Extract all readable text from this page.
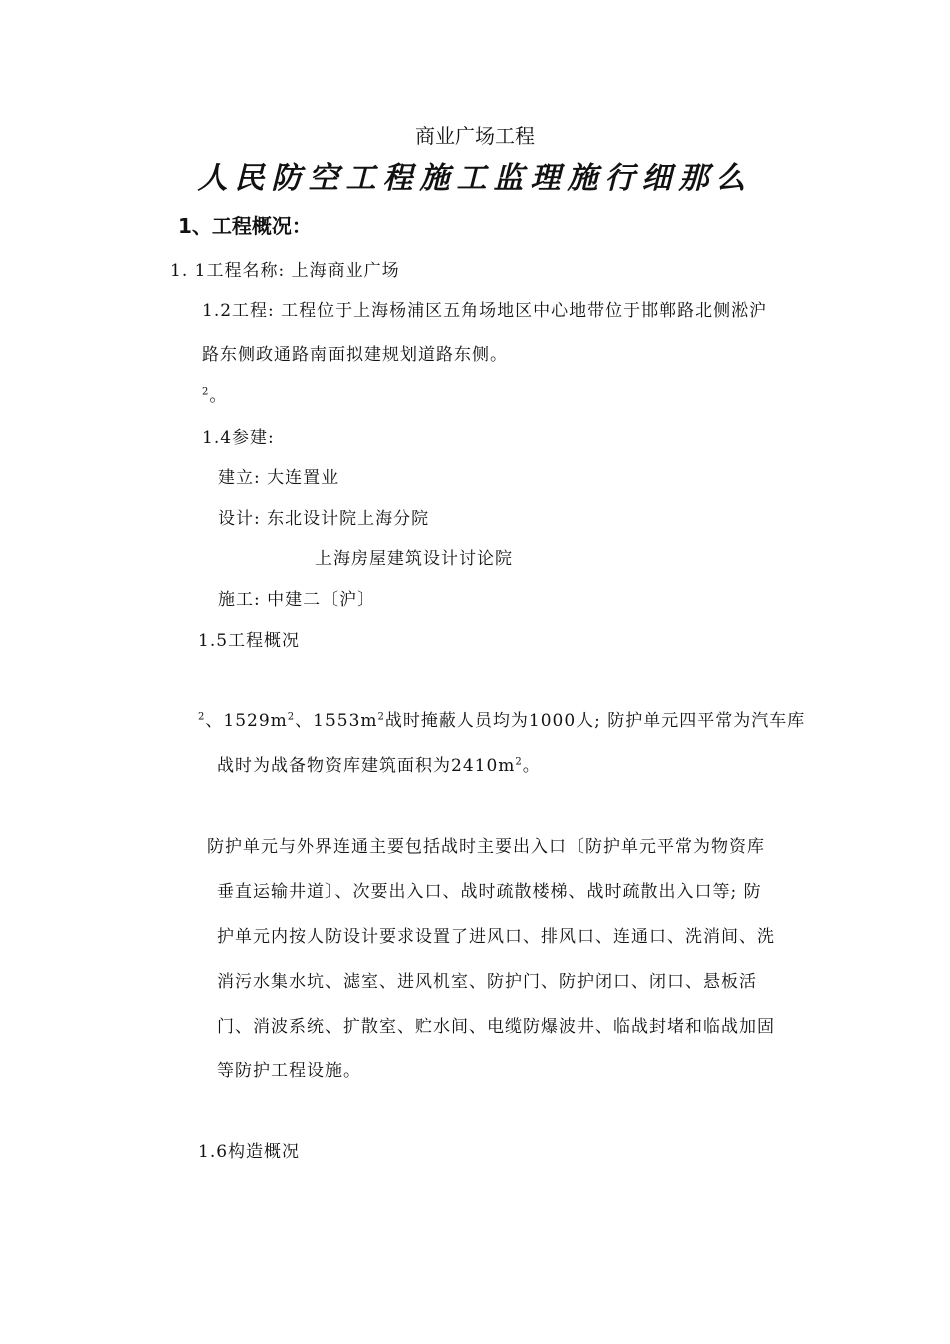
商业广场工程
人民防空工程施工监理施行细那么
1、工程概况：
1. 1工程名称: 上海商业广场
1.2工程: 工程位于上海杨浦区五角场地区中心地带位于邯郸路北侧淞沪
路东侧政通路南面拟建规划道路东侧。
$^2$。
1.4参建:
建立: 大连置业
设计: 东北设计院上海分院
上海房屋建筑设计讨论院
施工: 中建二〔沪〕
1.5工程概况
$^2$、$1529m^2$、$1553m^2$战时掩蔽人员均为1000人; 防护单元四平常为汽车库
战时为战备物资库建筑面积为$2410m^2$。
防护单元与外界连通主要包括战时主要出入口〔防护单元平常为物资库
垂直运输井道〕、次要出入口、战时疏散楼梯、战时疏散出入口等; 防
护单元内按人防设计要求设置了进风口、排风口、连通口、洗消间、洗
消污水集水坑、滤室、进风机室、防护门、防护闭口、闭口、悬板活
门、消波系统、扩散室、贮水间、电缆防爆波井、临战封堵和临战加固
等防护工程设施。
1.6构造概况
